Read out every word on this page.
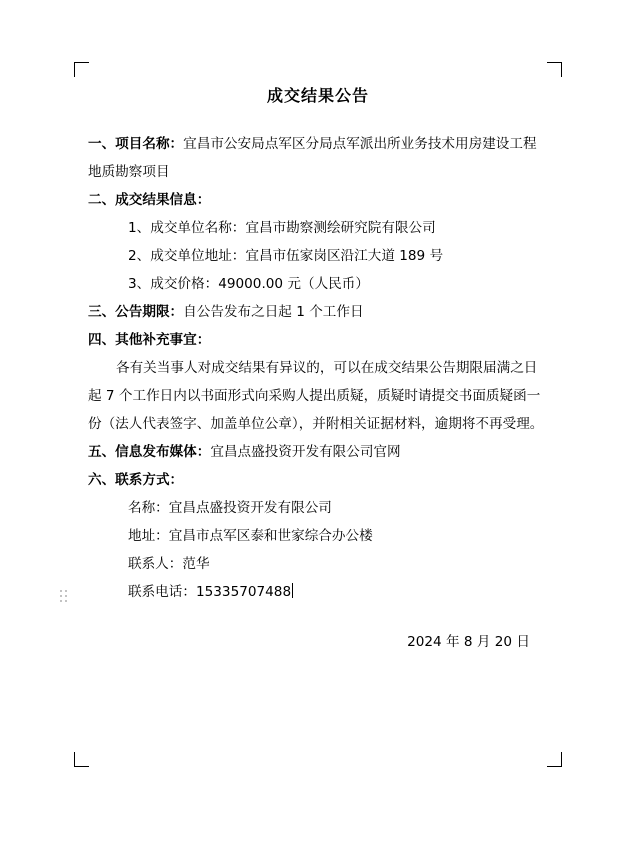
成交结果公告

一、项目名称：宜昌市公安局点军区分局点军派出所业务技术用房建设工程地质勘察项目

二、成交结果信息：

1、成交单位名称：宜昌市勘察测绘研究院有限公司

2、成交单位地址：宜昌市伍家岗区沿江大道 189 号

3、成交价格：49000.00 元（人民币）

三、公告期限：自公告发布之日起 1 个工作日

四、其他补充事宜：

各有关当事人对成交结果有异议的，可以在成交结果公告期限届满之日起 7 个工作日内以书面形式向采购人提出质疑，质疑时请提交书面质疑函一份（法人代表签字、加盖单位公章），并附相关证据材料，逾期将不再受理。

五、信息发布媒体：宜昌点盛投资开发有限公司官网

六、联系方式：

名称：宜昌点盛投资开发有限公司

地址：宜昌市点军区泰和世家综合办公楼

联系人：范华

联系电话：15335707488

2024 年 8 月 20 日
